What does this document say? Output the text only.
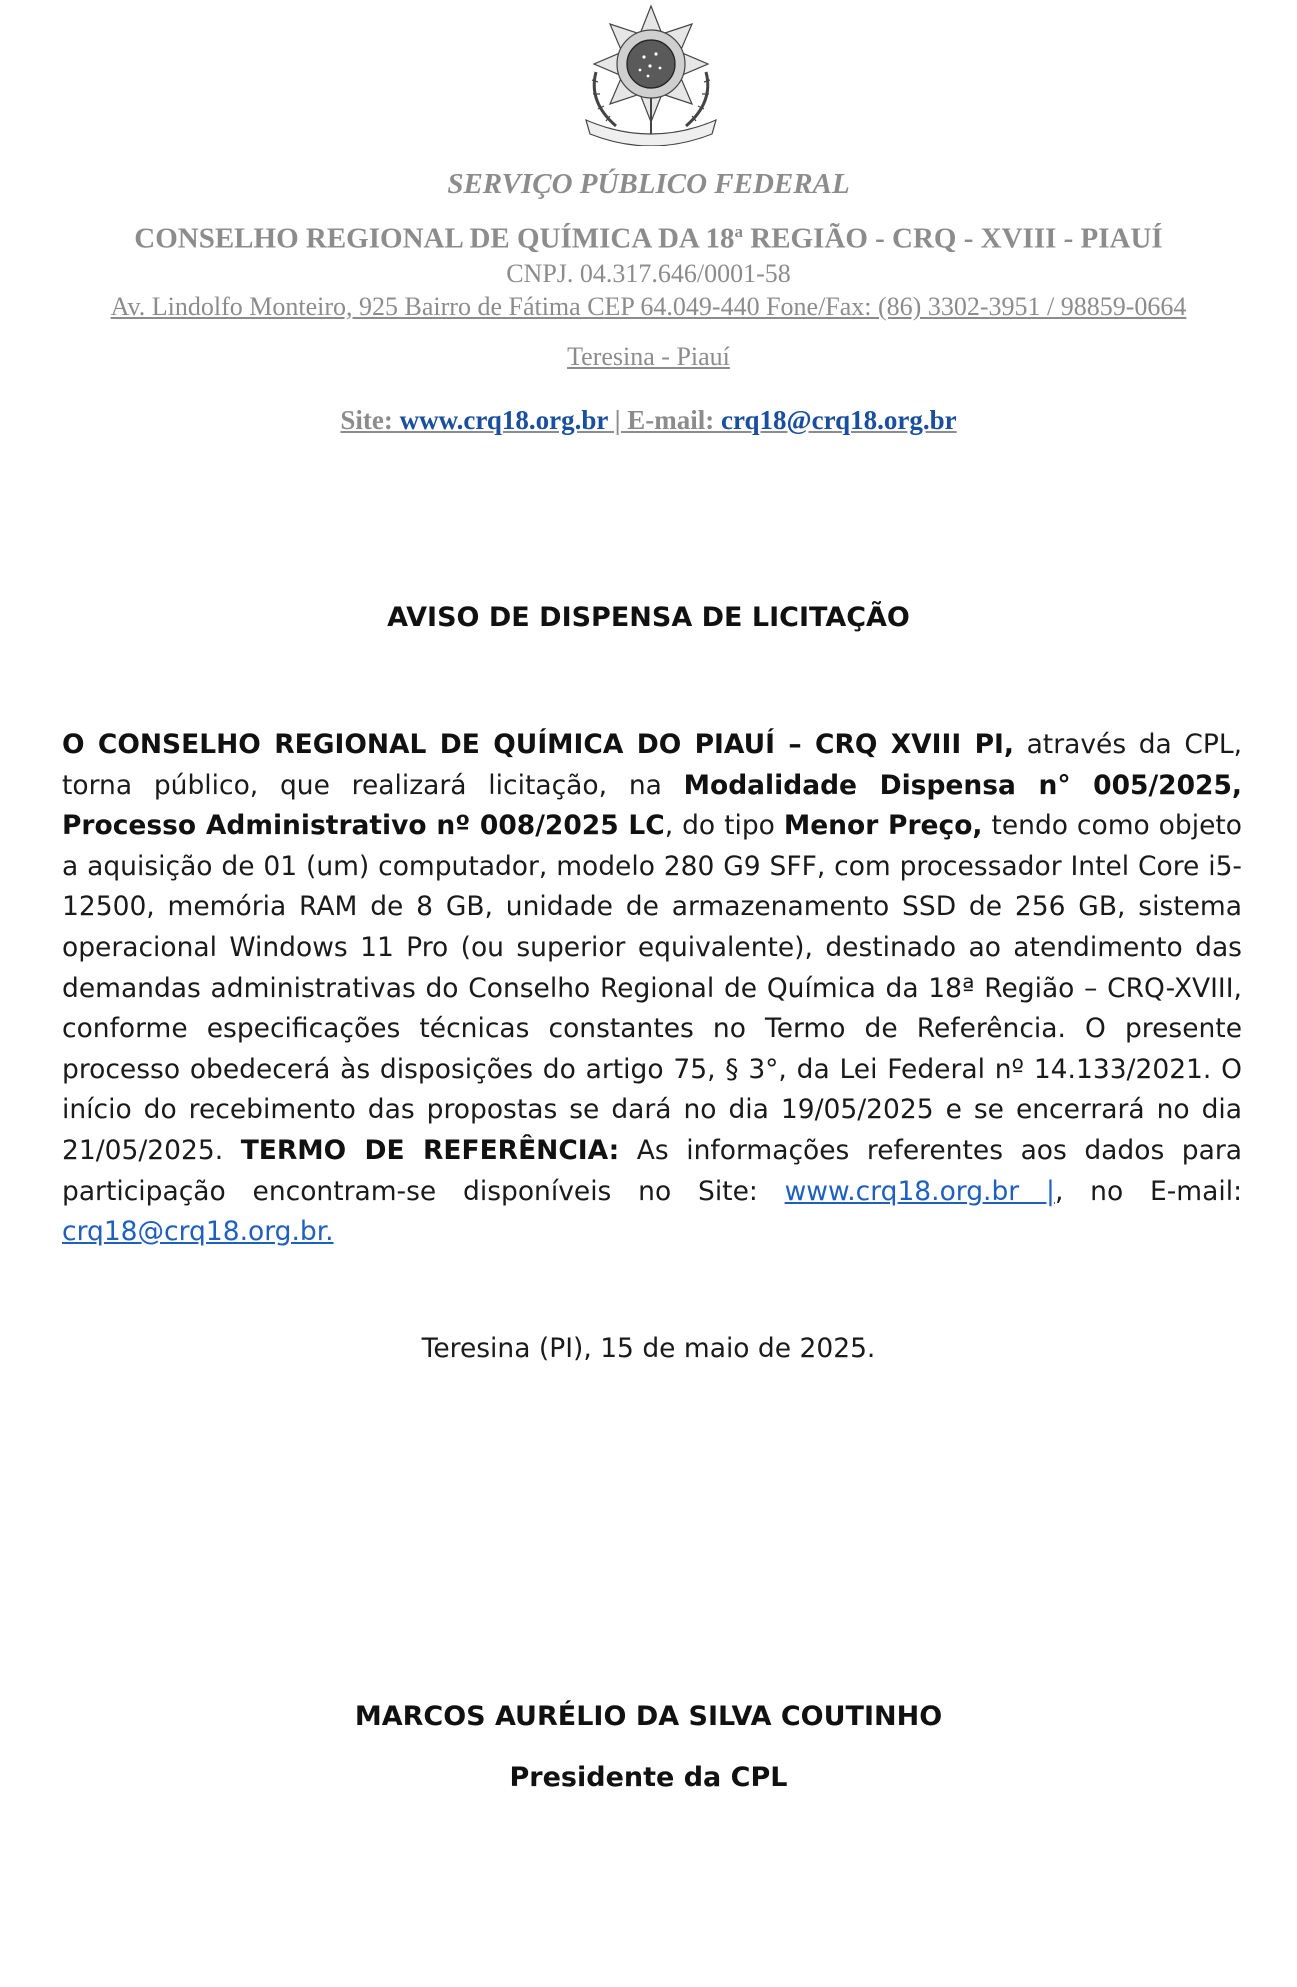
SERVIÇO PÚBLICO FEDERAL
CONSELHO REGIONAL DE QUÍMICA DA 18$^a$ REGIÃO - CRQ - XVIII - PIAUÍ
CNPJ. 04.317.646/0001-58
Av. Lindolfo Monteiro, 925 Bairro de Fátima CEP 64.049-440 Fone/Fax: (86) 3302-3951 / 98859-0664
Teresina - Piauí
Site: www.crq18.org.br | E-mail: crq18@crq18.org.br
AVISO DE DISPENSA DE LICITAÇÃO
O CONSELHO REGIONAL DE QUÍMICA DO PIAUÍ – CRQ XVIII PI, através da CPL, torna público, que realizará licitação, na Modalidade Dispensa n° 005/2025, Processo Administrativo nº 008/2025 LC, do tipo Menor Preço, tendo como objeto a aquisição de 01 (um) computador, modelo 280 G9 SFF, com processador Intel Core i5-12500, memória RAM de 8 GB, unidade de armazenamento SSD de 256 GB, sistema operacional Windows 11 Pro (ou superior equivalente), destinado ao atendimento das demandas administrativas do Conselho Regional de Química da 18ª Região – CRQ-XVIII, conforme especificações técnicas constantes no Termo de Referência. O presente processo obedecerá às disposições do artigo 75, § 3°, da Lei Federal nº 14.133/2021. O início do recebimento das propostas se dará no dia 19/05/2025 e se encerrará no dia 21/05/2025. TERMO DE REFERÊNCIA: As informações referentes aos dados para participação encontram-se disponíveis no Site: www.crq18.org.br |, no E-mail: crq18@crq18.org.br.
Teresina (PI), 15 de maio de 2025.
MARCOS AURÉLIO DA SILVA COUTINHO
Presidente da CPL
